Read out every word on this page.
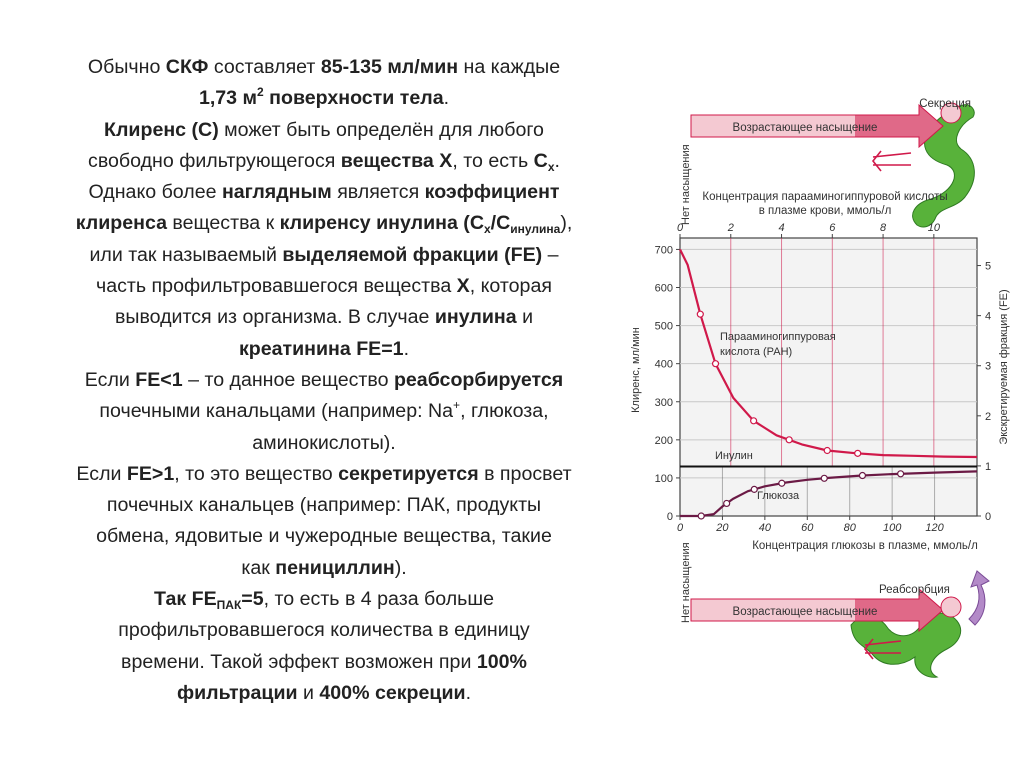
Обычно СКФ составляет 85-135 мл/мин на каждые
1,73 $м^2$ поверхности тела.
Клиренс (С) может быть определён для любого
свободно фильтрующегося вещества Х, то есть $С_х$.
Однако более наглядным является коэффициент
клиренса вещества к клиренсу инулина $(С_х/С_{инулина})$,
или так называемый выделяемой фракции (FE) –
часть профильтровавшегося вещества Х, которая
выводится из организма. В случае инулина и
креатинина FE=1.
Если FE<1 – то данное вещество реабсорбируется
почечными канальцами (например: Na+, глюкоза,
аминокислоты).
Если FE>1, то это вещество секретируется в просвет
почечных канальцев (например: ПАК, продукты
обмена, ядовитые и чужеродные вещества, такие
как пенициллин).
Так $FE_{ПАК}=5$, то есть в 4 раза больше
профильтровавшегося количества в единицу
времени. Такой эффект возможен при 100%
фильтрации и 400% секреции.
Возрастающее насыщение
Секреция
Нет насыщения Концентрация парааминогиппуровой кислоты
в плазме крови, ммоль/л
Концентрация глюкозы в плазме, ммоль/л
Клиренс, мл/мин	Экскретируемая фракция (FE)
0
100
200
300
400
500
600
700
0
1
2
3
4
5
0	2	4	6	8	10
0	20	40	60	80 100 120
Парааминогиппуровая
кислота (РАН)
Инулин
Глюкоза
Возрастающее насыщение
Реабсорбция
Нет насыщения
